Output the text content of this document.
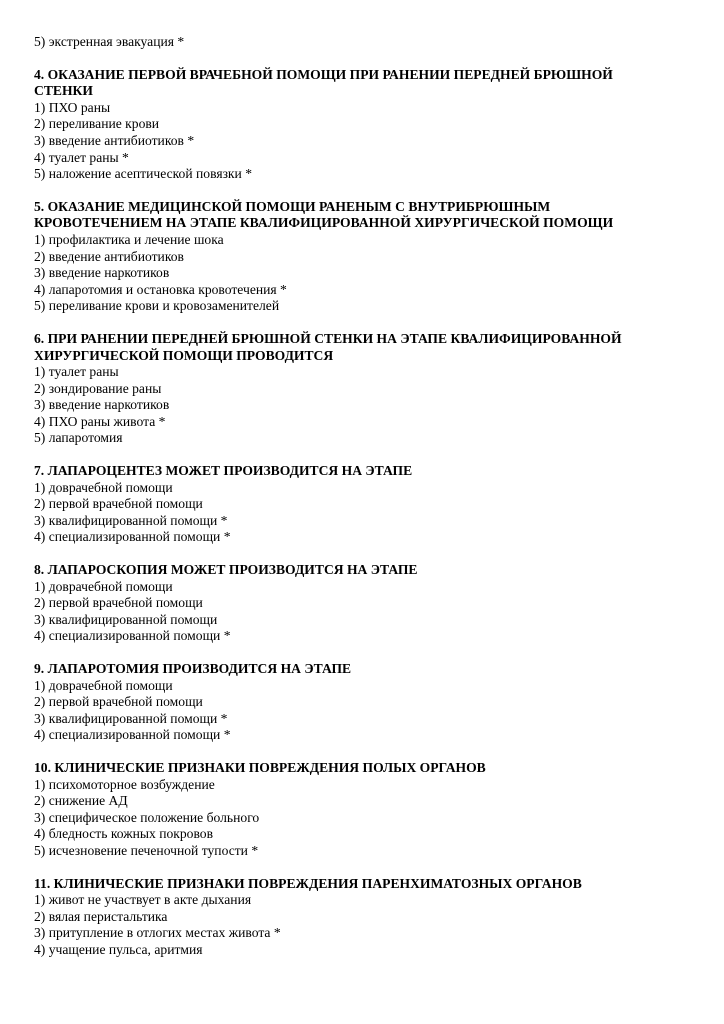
5) экстренная эвакуация *
4. ОКАЗАНИЕ ПЕРВОЙ ВРАЧЕБНОЙ ПОМОЩИ ПРИ РАНЕНИИ ПЕРЕДНЕЙ БРЮШНОЙ
СТЕНКИ
1) ПХО раны
2) переливание крови
3) введение антибиотиков *
4) туалет раны *
5) наложение асептической повязки *
5. ОКАЗАНИЕ МЕДИЦИНСКОЙ ПОМОЩИ РАНЕНЫМ С ВНУТРИБРЮШНЫМ
КРОВОТЕЧЕНИЕМ НА ЭТАПЕ КВАЛИФИЦИРОВАННОЙ ХИРУРГИЧЕСКОЙ ПОМОЩИ
1) профилактика и лечение шока
2) введение антибиотиков
3) введение наркотиков
4) лапаротомия и остановка кровотечения *
5) переливание крови и кровозаменителей
6. ПРИ РАНЕНИИ ПЕРЕДНЕЙ БРЮШНОЙ СТЕНКИ НА ЭТАПЕ КВАЛИФИЦИРОВАННОЙ
ХИРУРГИЧЕСКОЙ ПОМОЩИ ПРОВОДИТСЯ
1) туалет раны
2) зондирование раны
3) введение наркотиков
4) ПХО раны живота *
5) лапаротомия
7. ЛАПАРОЦЕНТЕЗ МОЖЕТ ПРОИЗВОДИТСЯ НА ЭТАПЕ
1) доврачебной помощи
2) первой врачебной помощи
3) квалифицированной помощи *
4) специализированной помощи *
8. ЛАПАРОСКОПИЯ МОЖЕТ ПРОИЗВОДИТСЯ НА ЭТАПЕ
1) доврачебной помощи
2) первой врачебной помощи
3) квалифицированной помощи
4) специализированной помощи *
9. ЛАПАРОТОМИЯ ПРОИЗВОДИТСЯ НА ЭТАПЕ
1) доврачебной помощи
2) первой врачебной помощи
3) квалифицированной помощи *
4) специализированной помощи *
10. КЛИНИЧЕСКИЕ ПРИЗНАКИ ПОВРЕЖДЕНИЯ ПОЛЫХ ОРГАНОВ
1) психомоторное возбуждение
2) снижение АД
3) специфическое положение больного
4) бледность кожных покровов
5) исчезновение печеночной тупости *
11. КЛИНИЧЕСКИЕ ПРИЗНАКИ ПОВРЕЖДЕНИЯ ПАРЕНХИМАТОЗНЫХ ОРГАНОВ
1) живот не участвует в акте дыхания
2) вялая перистальтика
3) притупление в отлогих местах живота *
4) учащение пульса, аритмия
